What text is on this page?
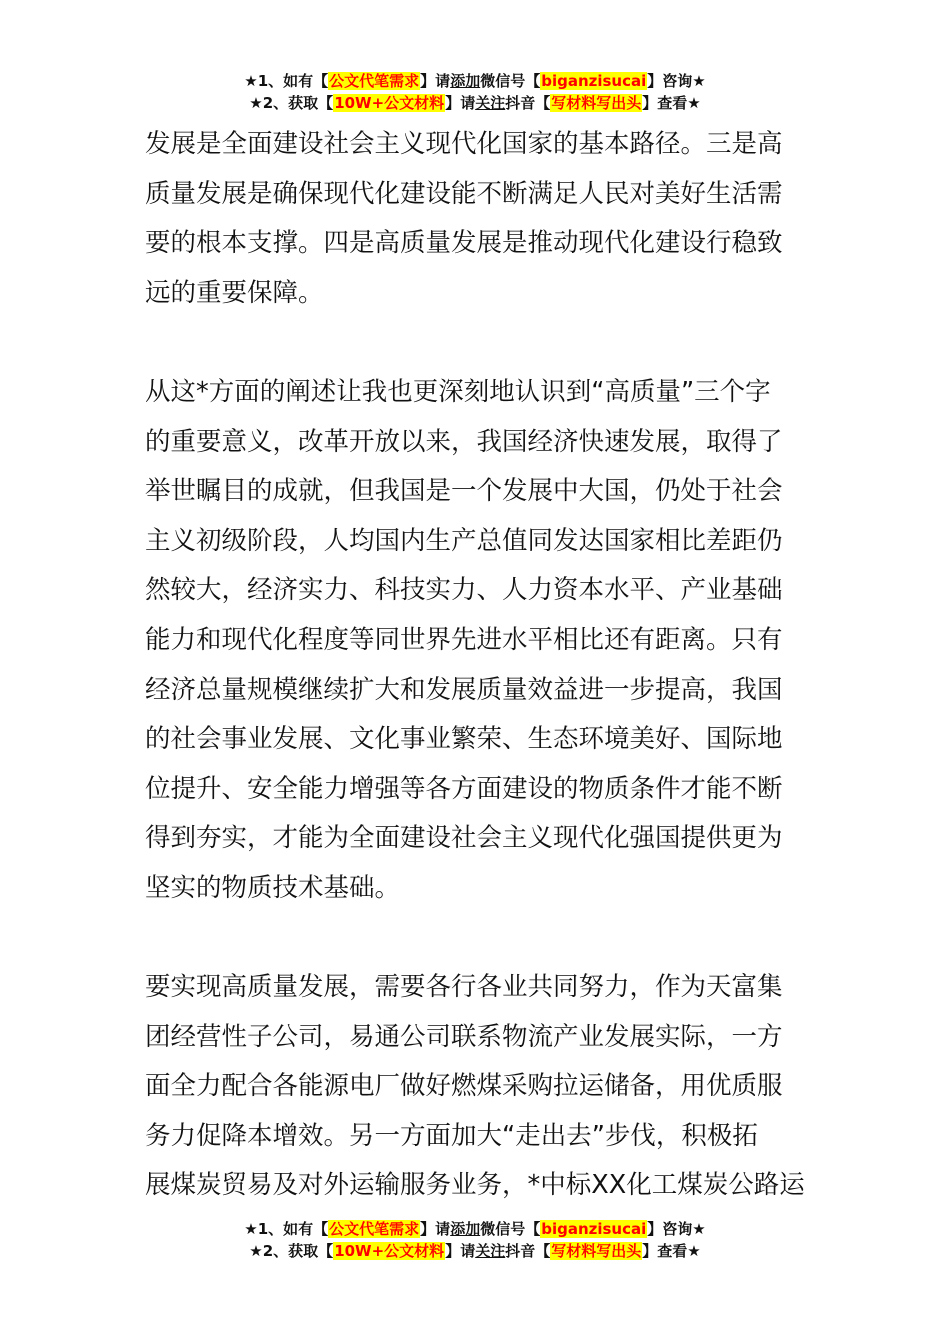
★1、如有【公文代笔需求】请添加微信号【biganzisucai】咨询★
★2、获取【10W+公文材料】请关注抖音【写材料写出头】查看★

发展是全面建设社会主义现代化国家的基本路径。三是高
质量发展是确保现代化建设能不断满足人民对美好生活需
要的根本支撑。四是高质量发展是推动现代化建设行稳致
远的重要保障。

从这*方面的阐述让我也更深刻地认识到“高质量”三个字
的重要意义，改革开放以来，我国经济快速发展，取得了
举世瞩目的成就，但我国是一个发展中大国，仍处于社会
主义初级阶段，人均国内生产总值同发达国家相比差距仍
然较大，经济实力、科技实力、人力资本水平、产业基础
能力和现代化程度等同世界先进水平相比还有距离。只有
经济总量规模继续扩大和发展质量效益进一步提高，我国
的社会事业发展、文化事业繁荣、生态环境美好、国际地
位提升、安全能力增强等各方面建设的物质条件才能不断
得到夯实，才能为全面建设社会主义现代化强国提供更为
坚实的物质技术基础。

要实现高质量发展，需要各行各业共同努力，作为天富集
团经营性子公司，易通公司联系物流产业发展实际，一方
面全力配合各能源电厂做好燃煤采购拉运储备，用优质服
务力促降本增效。另一方面加大“走出去”步伐，积极拓
展煤炭贸易及对外运输服务业务，*中标XX化工煤炭公路运

★1、如有【公文代笔需求】请添加微信号【biganzisucai】咨询★
★2、获取【10W+公文材料】请关注抖音【写材料写出头】查看★
